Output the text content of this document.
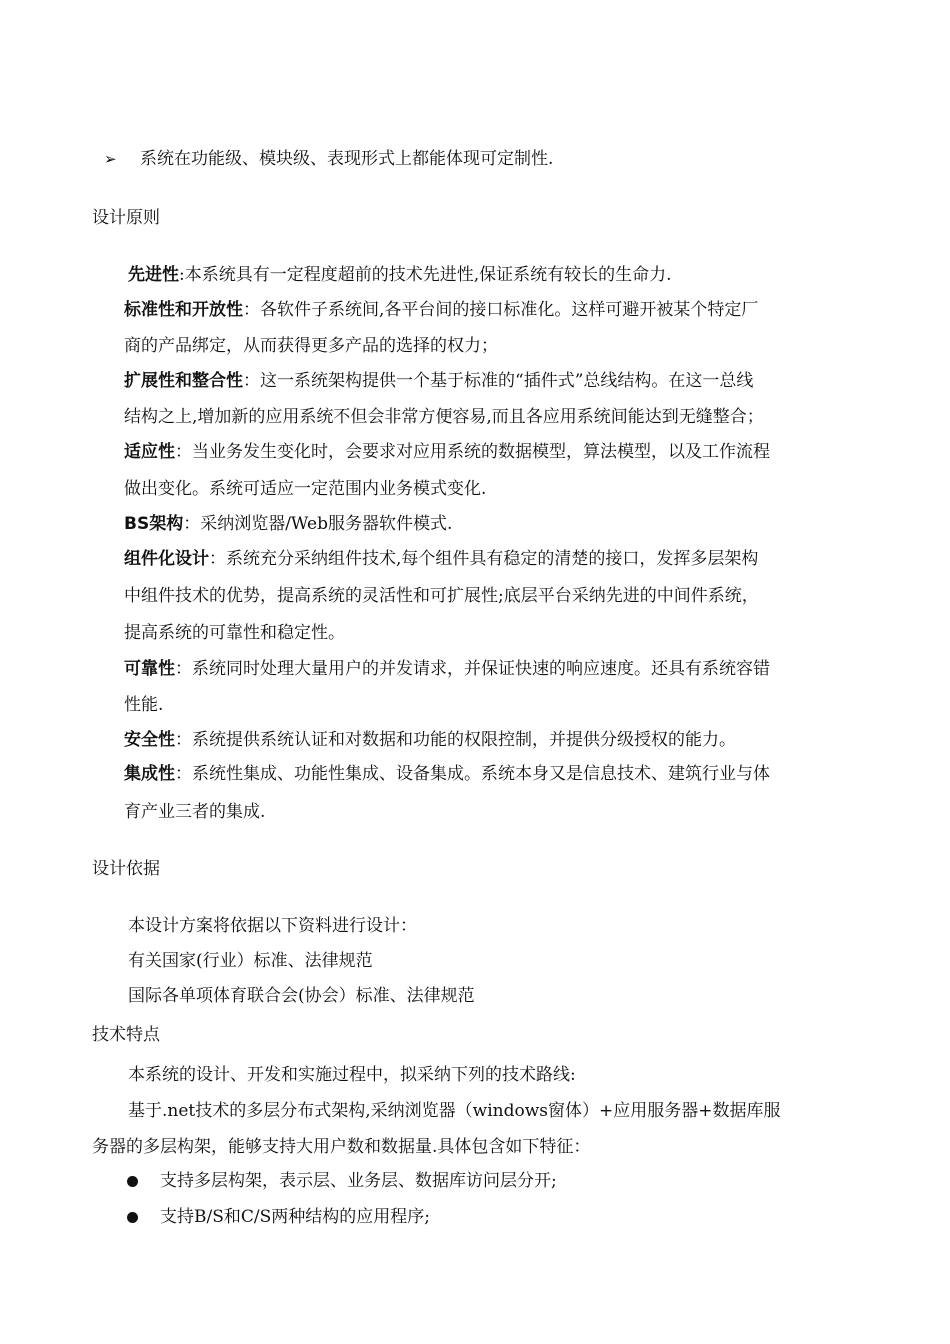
➢ 系统在功能级、模块级、表现形式上都能体现可定制性.
设计原则
先进性:本系统具有一定程度超前的技术先进性,保证系统有较长的生命力.
标准性和开放性：各软件子系统间,各平台间的接口标准化。这样可避开被某个特定厂
商的产品绑定，从而获得更多产品的选择的权力；
扩展性和整合性：这一系统架构提供一个基于标准的“插件式”总线结构。在这一总线
结构之上,增加新的应用系统不但会非常方便容易,而且各应用系统间能达到无缝整合；
适应性：当业务发生变化时，会要求对应用系统的数据模型，算法模型，以及工作流程
做出变化。系统可适应一定范围内业务模式变化.
BS架构：采纳浏览器/Web服务器软件模式.
组件化设计：系统充分采纳组件技术,每个组件具有稳定的清楚的接口，发挥多层架构
中组件技术的优势，提高系统的灵活性和可扩展性;底层平台采纳先进的中间件系统，
提高系统的可靠性和稳定性。
可靠性：系统同时处理大量用户的并发请求，并保证快速的响应速度。还具有系统容错
性能.
安全性：系统提供系统认证和对数据和功能的权限控制，并提供分级授权的能力。
集成性：系统性集成、功能性集成、设备集成。系统本身又是信息技术、建筑行业与体
育产业三者的集成.
设计依据
本设计方案将依据以下资料进行设计：
有关国家(行业）标准、法律规范
国际各单项体育联合会(协会）标准、法律规范
技术特点
本系统的设计、开发和实施过程中，拟采纳下列的技术路线:
基于.net技术的多层分布式架构,采纳浏览器（windows窗体）+应用服务器+数据库服
务器的多层构架，能够支持大用户数和数据量.具体包含如下特征：
支持多层构架，表示层、业务层、数据库访问层分开;
支持B/S和C/S两种结构的应用程序;
